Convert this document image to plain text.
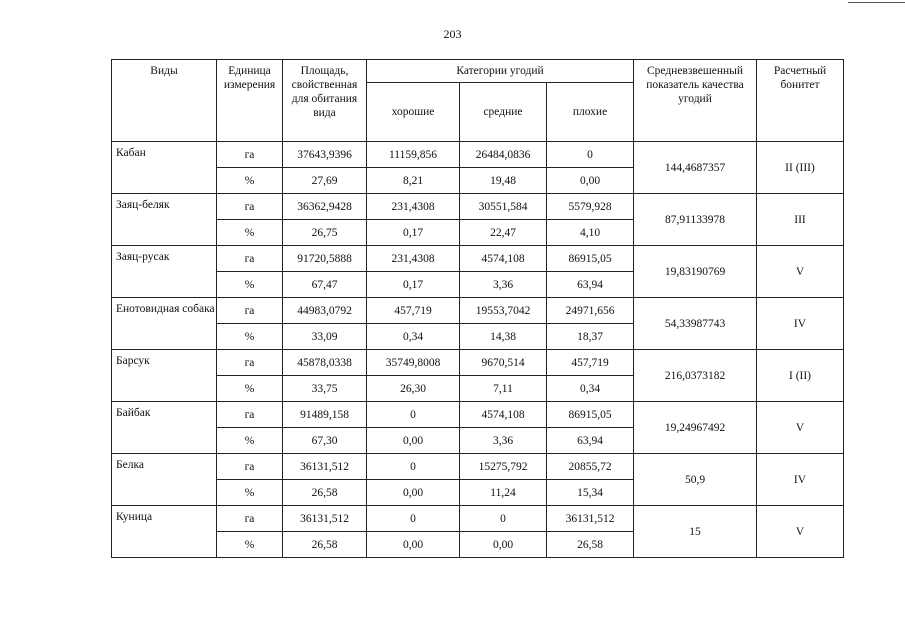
203
Виды	Единица измерения	Площадь, свойственная для обитания вида	Категории угодий			Средневзвешенный показатель качества угодий	Расчетный бонитет
			хорошие	средние	плохие		
Кабан	га	37643,9396	11159,856	26484,0836	0	144,4687357	II (III)
	%	27,69	8,21	19,48	0,00		
Заяц-беляк	га	36362,9428	231,4308	30551,584	5579,928	87,91133978	III
	%	26,75	0,17	22,47	4,10		
Заяц-русак	га	91720,5888	231,4308	4574,108	86915,05	19,83190769	V
	%	67,47	0,17	3,36	63,94		
Енотовидная собака	га	44983,0792	457,719	19553,7042	24971,656	54,33987743	IV
	%	33,09	0,34	14,38	18,37		
Барсук	га	45878,0338	35749,8008	9670,514	457,719	216,0373182	I (II)
	%	33,75	26,30	7,11	0,34		
Байбак	га	91489,158	0	4574,108	86915,05	19,24967492	V
	%	67,30	0,00	3,36	63,94		
Белка	га	36131,512	0	15275,792	20855,72	50,9	IV
	%	26,58	0,00	11,24	15,34		
Куница	га	36131,512	0	0	36131,512	15	V
	%	26,58	0,00	0,00	26,58		
